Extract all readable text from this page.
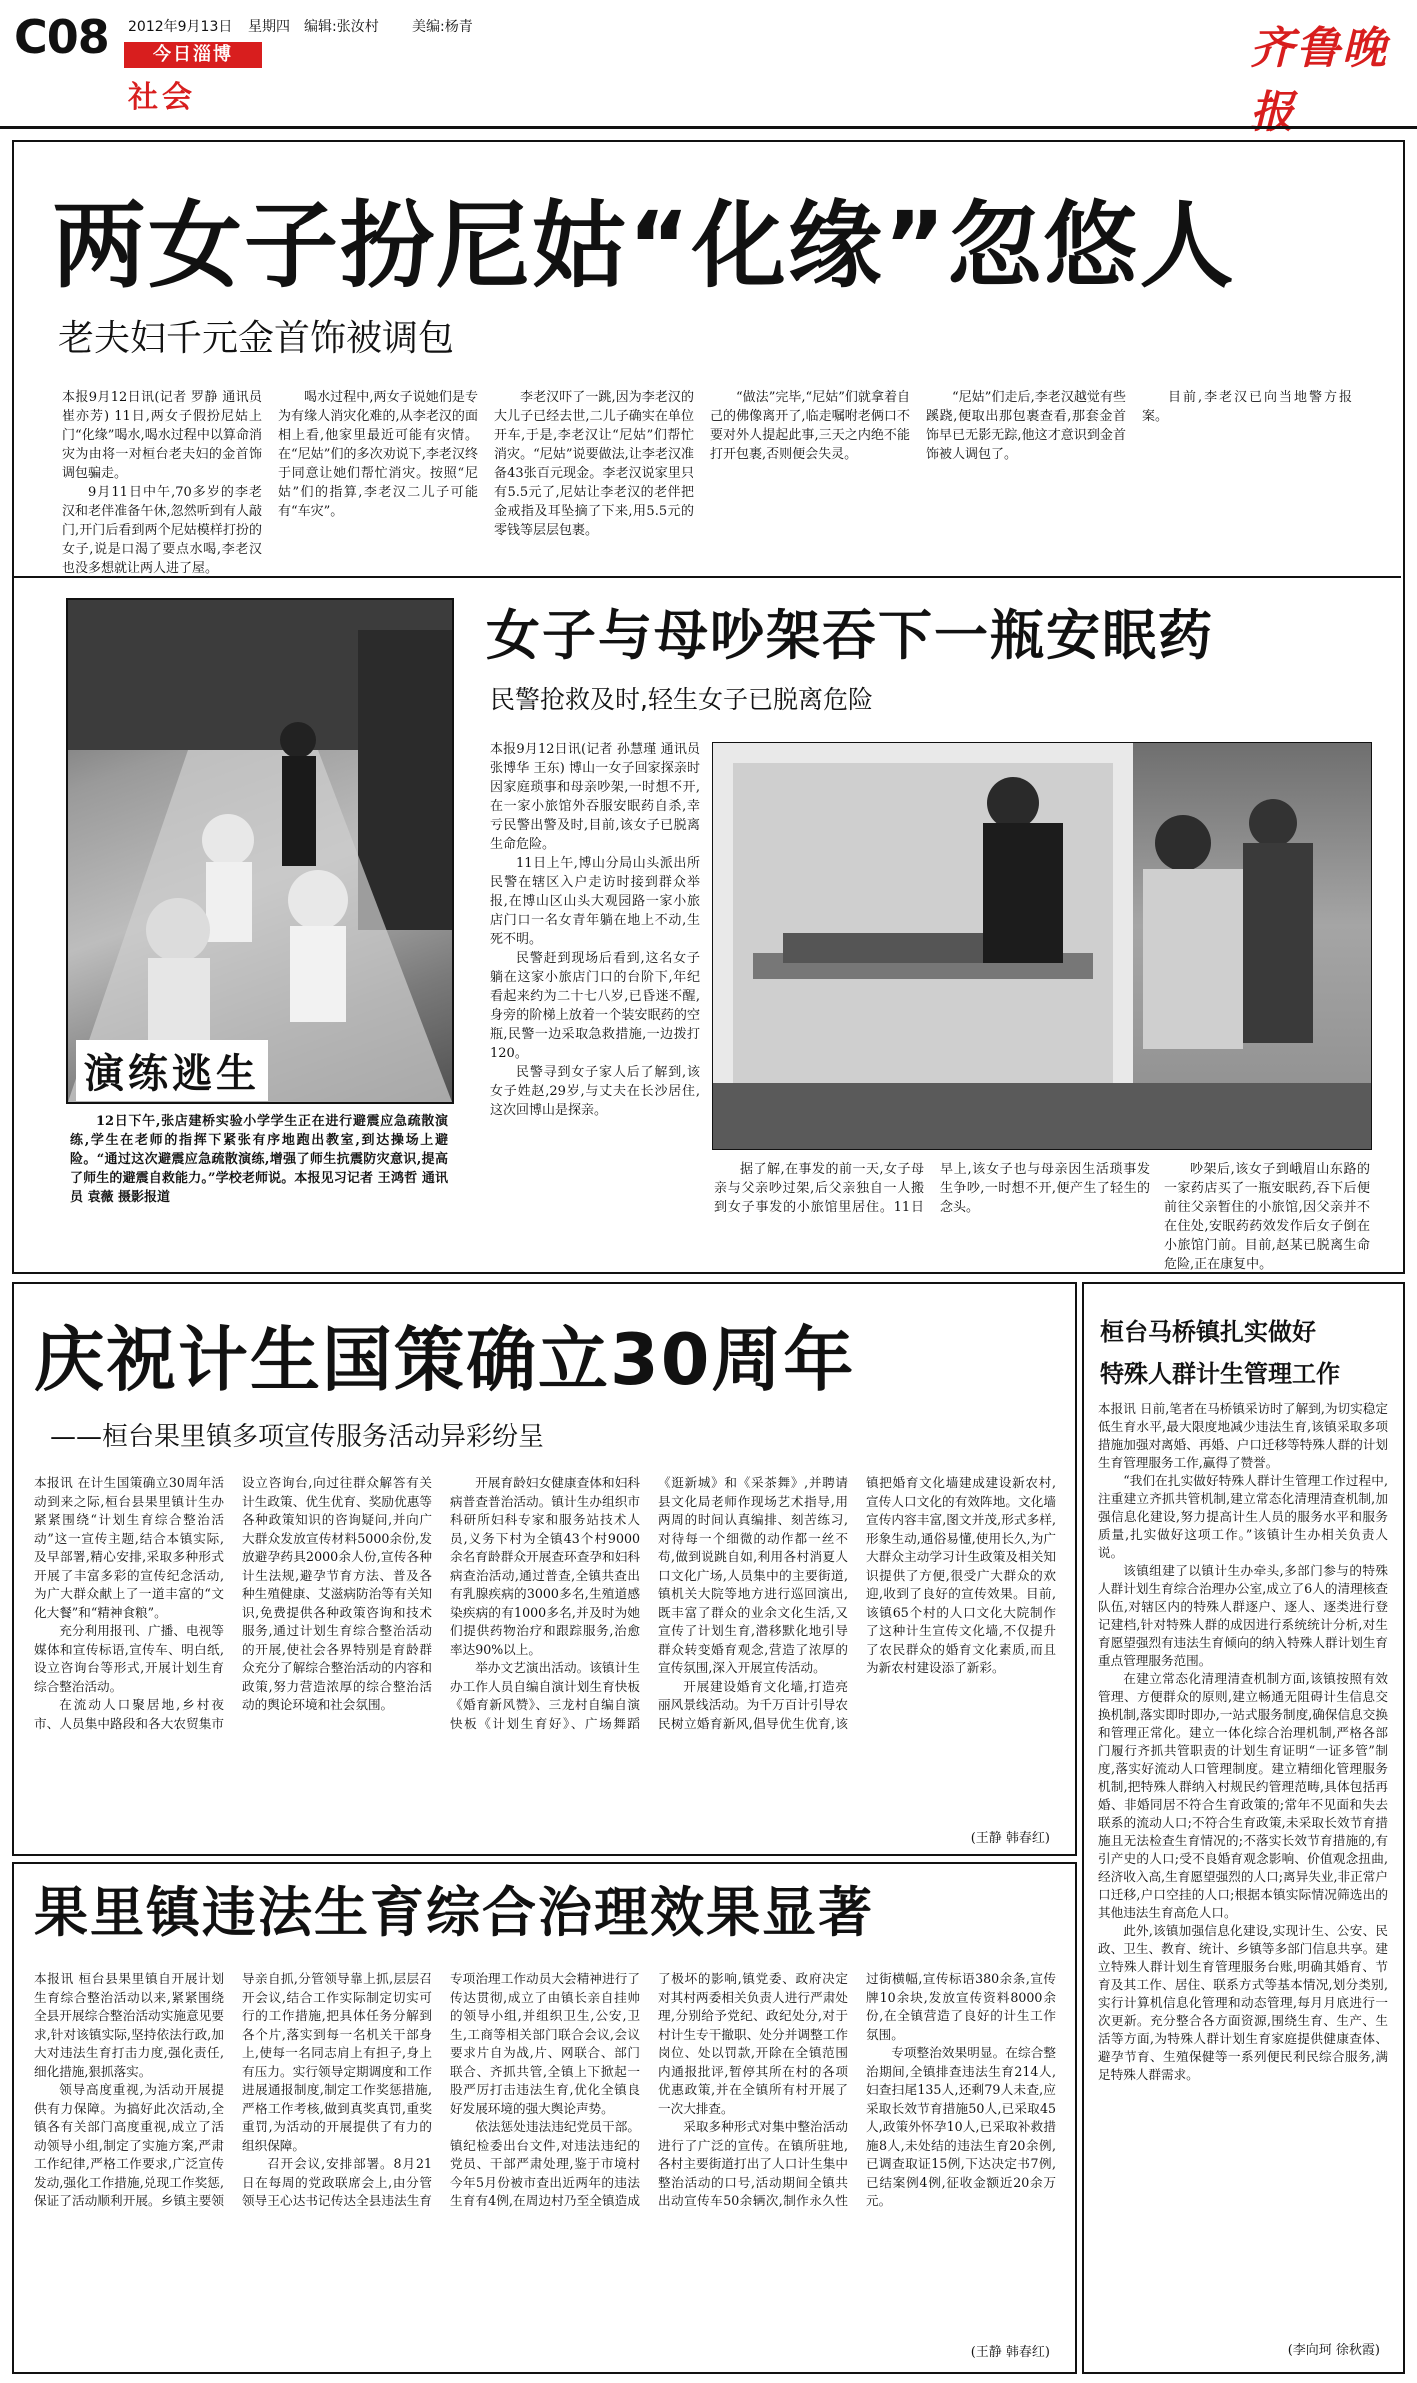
C08 2012年9月13日 星期四 编辑:张汝村 美编:杨青
今日淄博
社会
齐鲁晚报
两女子扮尼姑“化缘”忽悠人
老夫妇千元金首饰被调包

本报9月12日讯(记者 罗静 通讯员 崔亦芳) 11日,两女子假扮尼姑上门“化缘”喝水,喝水过程中以算命消灾为由将一对桓台老夫妇的金首饰调包骗走。

9月11日中午,70多岁的李老汉和老伴准备午休,忽然听到有人敲门,开门后看到两个尼姑模样打扮的女子,说是口渴了要点水喝,李老汉也没多想就让两人进了屋。

喝水过程中,两女子说她们是专为有缘人消灾化难的,从李老汉的面相上看,他家里最近可能有灾情。在“尼姑”们的多次劝说下,李老汉终于同意让她们帮忙消灾。按照“尼姑”们的指算,李老汉二儿子可能有“车灾”。

李老汉吓了一跳,因为李老汉的大儿子已经去世,二儿子确实在单位开车,于是,李老汉让“尼姑”们帮忙消灾。“尼姑”说要做法,让李老汉准备43张百元现金。李老汉说家里只有5.5元了,尼姑让李老汉的老伴把金戒指及耳坠摘了下来,用5.5元的零钱等层层包裹。

“做法”完毕,“尼姑”们就拿着自己的佛像离开了,临走嘱咐老俩口不要对外人提起此事,三天之内绝不能打开包裹,否则便会失灵。

“尼姑”们走后,李老汉越觉有些蹊跷,便取出那包裹查看,那套金首饰早已无影无踪,他这才意识到金首饰被人调包了。

目前,李老汉已向当地警方报案。

演练逃生
12日下午,张店建桥实验小学学生正在进行避震应急疏散演练,学生在老师的指挥下紧张有序地跑出教室,到达操场上避险。“通过这次避震应急疏散演练,增强了师生抗震防灾意识,提高了师生的避震自救能力。”学校老师说。本报见习记者 王鸿哲 通讯员 袁薇 摄影报道
女子与母吵架吞下一瓶安眠药
民警抢救及时,轻生女子已脱离危险

本报9月12日讯(记者 孙慧瑾 通讯员 张博华 王东) 博山一女子回家探亲时因家庭琐事和母亲吵架,一时想不开,在一家小旅馆外吞服安眠药自杀,幸亏民警出警及时,目前,该女子已脱离生命危险。

11日上午,博山分局山头派出所民警在辖区入户走访时接到群众举报,在博山区山头大观园路一家小旅店门口一名女青年躺在地上不动,生死不明。

民警赶到现场后看到,这名女子躺在这家小旅店门口的台阶下,年纪看起来约为二十七八岁,已昏迷不醒,身旁的阶梯上放着一个装安眠药的空瓶,民警一边采取急救措施,一边拨打120。

民警寻到女子家人后了解到,该女子姓赵,29岁,与丈夫在长沙居住,这次回博山是探亲。

据了解,在事发的前一天,女子母亲与父亲吵过架,后父亲独自一人搬到女子事发的小旅馆里居住。11日早上,该女子也与母亲因生活琐事发生争吵,一时想不开,便产生了轻生的念头。

吵架后,该女子到峨眉山东路的一家药店买了一瓶安眠药,吞下后便前往父亲暂住的小旅馆,因父亲并不在住处,安眠药药效发作后女子倒在小旅馆门前。目前,赵某已脱离生命危险,正在康复中。

庆祝计生国策确立30周年
——桓台果里镇多项宣传服务活动异彩纷呈

本报讯 在计生国策确立30周年活动到来之际,桓台县果里镇计生办紧紧围绕“计划生育综合整治活动”这一宣传主题,结合本镇实际,及早部署,精心安排,采取多种形式开展了丰富多彩的宣传纪念活动,为广大群众献上了一道丰富的“文化大餐”和“精神食粮”。

充分利用报刊、广播、电视等媒体和宣传标语,宣传车、明白纸,设立咨询台等形式,开展计划生育综合整治活动。

在流动人口聚居地,乡村夜市、人员集中路段和各大农贸集市设立咨询台,向过往群众解答有关计生政策、优生优育、奖励优惠等各种政策知识的咨询疑问,并向广大群众发放宣传材料5000余份,发放避孕药具2000余人份,宣传各种计生法规,避孕节育方法、普及各种生殖健康、艾滋病防治等有关知识,免费提供各种政策咨询和技术服务,通过计划生育综合整治活动的开展,使社会各界特别是育龄群众充分了解综合整治活动的内容和政策,努力营造浓厚的综合整治活动的舆论环境和社会氛围。

开展育龄妇女健康查体和妇科病普查普治活动。镇计生办组织市科研所妇科专家和服务站技术人员,义务下村为全镇43个村9000余名育龄群众开展查环查孕和妇科病查治活动,通过普查,全镇共查出有乳腺疾病的3000多名,生殖道感染疾病的有1000多名,并及时为她们提供药物治疗和跟踪服务,治愈率达90%以上。

举办文艺演出活动。该镇计生办工作人员自编自演计划生育快板《婚育新风赞》、三龙村自编自演快板《计划生育好》、广场舞蹈《逛新城》和《采茶舞》,并聘请县文化局老师作现场艺术指导,用两周的时间认真编排、刻苦练习,对待每一个细微的动作都一丝不苟,做到说跳自如,利用各村消夏人口文化广场,人员集中的主要街道,镇机关大院等地方进行巡回演出,既丰富了群众的业余文化生活,又宣传了计划生育,潜移默化地引导群众转变婚育观念,营造了浓厚的宣传氛围,深入开展宣传活动。

开展建设婚育文化墙,打造亮丽风景线活动。为千万百计引导农民树立婚育新风,倡导优生优育,该镇把婚育文化墙建成建设新农村,宣传人口文化的有效阵地。文化墙宣传内容丰富,图文并茂,形式多样,形象生动,通俗易懂,使用长久,为广大群众主动学习计生政策及相关知识提供了方便,很受广大群众的欢迎,收到了良好的宣传效果。目前,该镇65个村的人口文化大院制作了这种计生宣传文化墙,不仅提升了农民群众的婚育文化素质,而且为新农村建设添了新彩。

(王静 韩春红)
桓台马桥镇扎实做好
特殊人群计生管理工作

本报讯 日前,笔者在马桥镇采访时了解到,为切实稳定低生育水平,最大限度地减少违法生育,该镇采取多项措施加强对离婚、再婚、户口迁移等特殊人群的计划生育管理服务工作,赢得了赞誉。

“我们在扎实做好特殊人群计生管理工作过程中,注重建立齐抓共管机制,建立常态化清理清查机制,加强信息化建设,努力提高计生人员的服务水平和服务质量,扎实做好这项工作。”该镇计生办相关负责人说。

该镇组建了以镇计生办牵头,多部门参与的特殊人群计划生育综合治理办公室,成立了6人的清理核查队伍,对辖区内的特殊人群逐户、逐人、逐类进行登记建档,针对特殊人群的成因进行系统统计分析,对生育愿望强烈有违法生育倾向的纳入特殊人群计划生育重点管理服务范围。

在建立常态化清理清查机制方面,该镇按照有效管理、方便群众的原则,建立畅通无阻碍计生信息交换机制,落实即时即办,一站式服务制度,确保信息交换和管理正常化。建立一体化综合治理机制,严格各部门履行齐抓共管职责的计划生育证明“一证多管”制度,落实好流动人口管理制度。建立精细化管理服务机制,把特殊人群纳入村规民约管理范畴,具体包括再婚、非婚同居不符合生育政策的;常年不见面和失去联系的流动人口;不符合生育政策,未采取长效节育措施且无法检查生育情况的;不落实长效节育措施的,有引产史的人口;受不良婚育观念影响、价值观念扭曲,经济收入高,生育愿望强烈的人口;离异失业,非正常户口迁移,户口空挂的人口;根据本镇实际情况筛选出的其他违法生育高危人口。

此外,该镇加强信息化建设,实现计生、公安、民政、卫生、教育、统计、乡镇等多部门信息共享。建立特殊人群计划生育管理服务台账,明确其婚育、节育及其工作、居住、联系方式等基本情况,划分类别,实行计算机信息化管理和动态管理,每月月底进行一次更新。充分整合各方面资源,围绕生育、生产、生活等方面,为特殊人群计划生育家庭提供健康查体、避孕节育、生殖保健等一系列便民利民综合服务,满足特殊人群需求。

(李向珂 徐秋霞)
果里镇违法生育综合治理效果显著

本报讯 桓台县果里镇自开展计划生育综合整治活动以来,紧紧围绕全县开展综合整治活动实施意见要求,针对该镇实际,坚持依法行政,加大对违法生育打击力度,强化责任,细化措施,狠抓落实。

领导高度重视,为活动开展提供有力保障。为搞好此次活动,全镇各有关部门高度重视,成立了活动领导小组,制定了实施方案,严肃工作纪律,严格工作要求,广泛宣传发动,强化工作措施,兑现工作奖惩,保证了活动顺利开展。乡镇主要领导亲自抓,分管领导靠上抓,层层召开会议,结合工作实际制定切实可行的工作措施,把具体任务分解到各个片,落实到每一名机关干部身上,使每一名同志肩上有担子,身上有压力。实行领导定期调度和工作进展通报制度,制定工作奖惩措施,严格工作考核,做到真奖真罚,重奖重罚,为活动的开展提供了有力的组织保障。

召开会议,安排部署。8月21日在每周的党政联席会上,由分管领导王心达书记传达全县违法生育专项治理工作动员大会精神进行了传达贯彻,成立了由镇长亲自挂帅的领导小组,并组织卫生,公安,卫生,工商等相关部门联合会议,会议要求片自为战,片、网联合、部门联合、齐抓共管,全镇上下掀起一股严厉打击违法生育,优化全镇良好发展环境的强大舆论声势。

依法惩处违法违纪党员干部。镇纪检委出台文件,对违法违纪的党员、干部严肃处理,鉴于市境村今年5月份被市查出近两年的违法生育有4例,在周边村乃至全镇造成了极坏的影响,镇党委、政府决定对其村两委相关负责人进行严肃处理,分别给予党纪、政纪处分,对于村计生专干撤职、处分并调整工作岗位、处以罚款,开除在全镇范围内通报批评,暂停其所在村的各项优惠政策,并在全镇所有村开展了一次大排查。

采取多种形式对集中整治活动进行了广泛的宣传。在镇所驻地,各村主要街道打出了人口计生集中整治活动的口号,活动期间全镇共出动宣传车50余辆次,制作永久性过街横幅,宣传标语380余条,宣传牌10余块,发放宣传资料8000余份,在全镇营造了良好的计生工作氛围。

专项整治效果明显。在综合整治期间,全镇排查违法生育214人,妇查扫尾135人,还剩79人未查,应采取长效节育措施50人,已采取45人,政策外怀孕10人,已采取补救措施8人,未处结的违法生育20余例,已调查取证15例,下达决定书7例,已结案例4例,征收金额近20余万元。

(王静 韩春红)
